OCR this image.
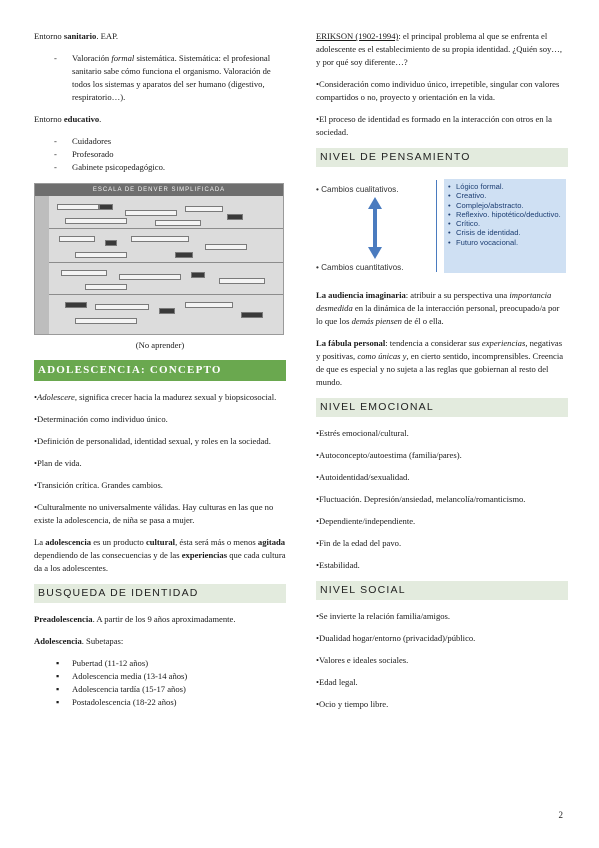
Entorno sanitario. EAP.

- Valoración formal sistemática. Sistemática: el profesional sanitario sabe cómo funciona el organismo. Valoración de todos los sistemas y aparatos del ser humano (digestivo, respiratorio…).

Entorno educativo.

- Cuidadores
- Profesorado
- Gabinete psicopedagógico.
ESCALA DE DENVER SIMPLIFICADA
(No aprender)
ADOLESCENCIA: CONCEPTO

• Adolescere, significa crecer hacia la madurez sexual y biopsicosocial.

• Determinación como individuo único.

• Definición de personalidad, identidad sexual, y roles en la sociedad.

• Plan de vida.

• Transición crítica. Grandes cambios.

• Culturalmente no universalmente válidas. Hay culturas en las que no existe la adolescencia, de niña se pasa a mujer.

La adolescencia es un producto cultural, ésta será más o menos agitada dependiendo de las consecuencias y de las experiencias que cada cultura da a los adolescentes.

BUSQUEDA DE IDENTIDAD

Preadolescencia. A partir de los 9 años aproximadamente.

Adolescencia. Subetapas:

▪ Pubertad (11-12 años)
▪ Adolescencia media (13-14 años)
▪ Adolescencia tardía (15-17 años)
▪ Postadolescencia (18-22 años)

ERIKSON (1902-1994): el principal problema al que se enfrenta el adolescente es el establecimiento de su propia identidad. ¿Quién soy…, y por qué soy diferente…?

• Consideración como individuo único, irrepetible, singular con valores compartidos o no, proyecto y orientación en la vida.

• El proceso de identidad es formado en la interacción con otros en la sociedad.

NIVEL DE PENSAMIENTO
• Cambios cualitativos.
• Cambios cuantitativos.
• Lógico formal.
• Creativo.
• Complejo/abstracto.
• Reflexivo. hipotético/deductivo.
• Crítico.
• Crisis de identidad.
• Futuro vocacional.

La audiencia imaginaria: atribuir a su perspectiva una importancia desmedida en la dinámica de la interacción personal, preocupado/a por lo que los demás piensen de él o ella.

La fábula personal: tendencia a considerar sus experiencias, negativas y positivas, como únicas y, en cierto sentido, incomprensibles. Creencia de que es especial y no sujeta a las reglas que gobiernan al resto del mundo.

NIVEL EMOCIONAL

• Estrés emocional/cultural.

• Autoconcepto/autoestima (familia/pares).

• Autoidentidad/sexualidad.

• Fluctuación. Depresión/ansiedad, melancolía/romanticismo.

• Dependiente/independiente.

• Fin de la edad del pavo.

• Estabilidad.

NIVEL SOCIAL

• Se invierte la relación familia/amigos.

• Dualidad hogar/entorno (privacidad)/público.

• Valores e ideales sociales.

• Edad legal.

• Ocio y tiempo libre.

2
